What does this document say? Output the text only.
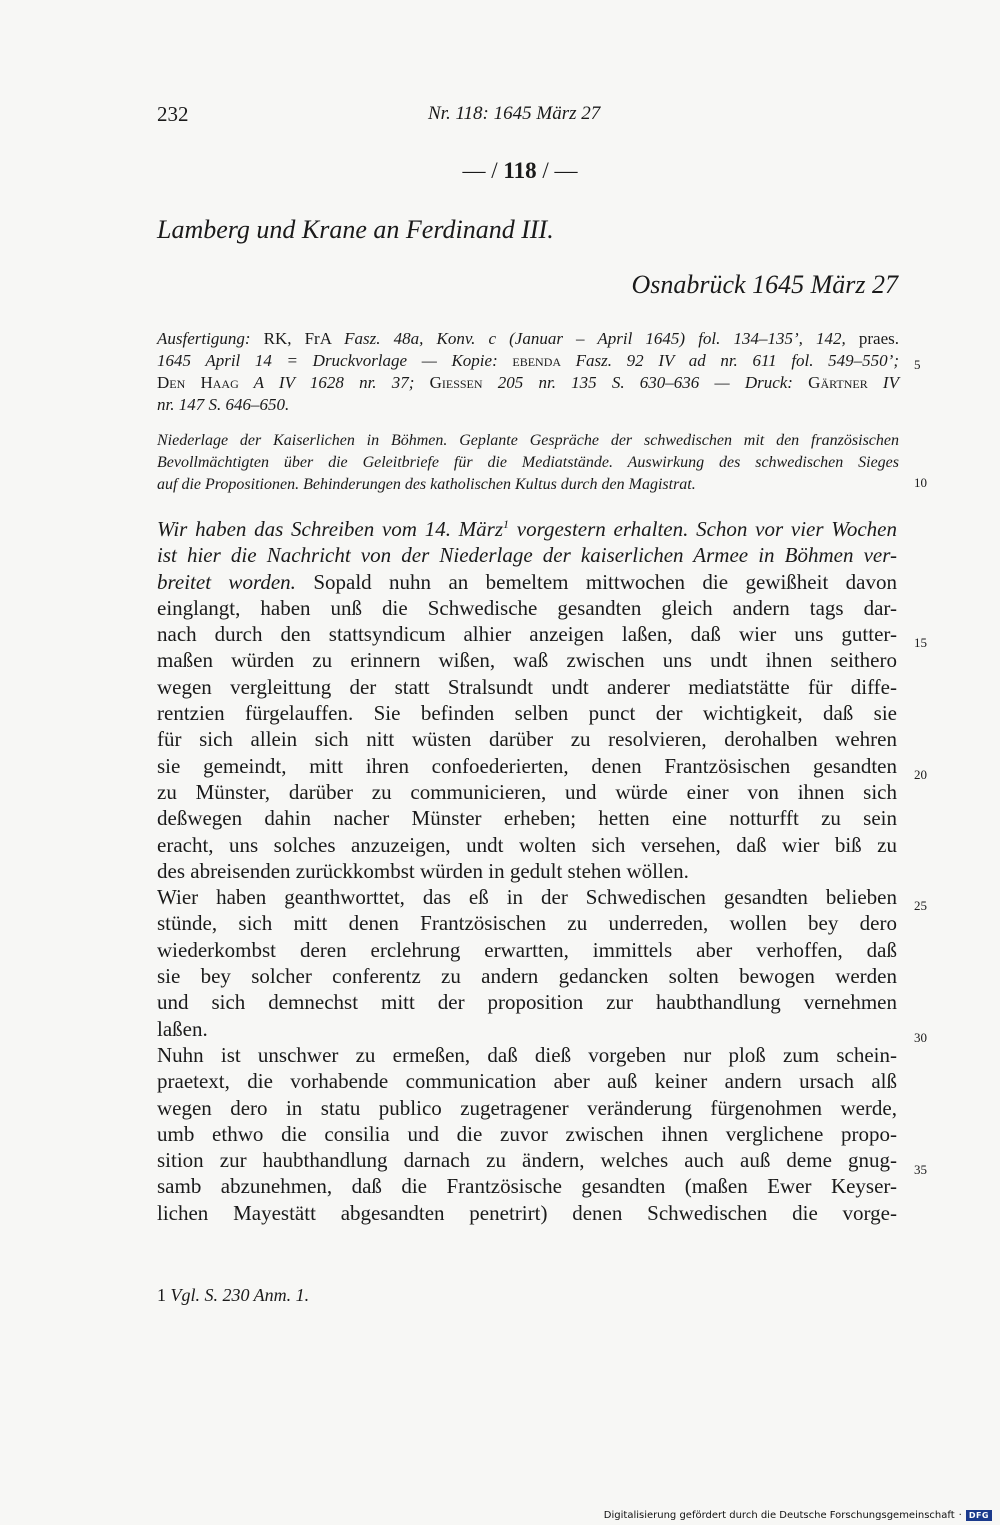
232	Nr. 118: 1645 März 27
— / 118 / —
Lamberg und Krane an Ferdinand III.
Osnabrück 1645 März 27
Ausfertigung: RK, FrA Fasz. 48a, Konv. c (Januar – April 1645) fol. 134–135’, 142, praes.
1645 April 14 = Druckvorlage — Kopie: ebenda Fasz. 92 IV ad nr. 611 fol. 549–550’;
Den Haag A IV 1628 nr. 37; Giessen 205 nr. 135 S. 630–636 — Druck: Gärtner IV
nr. 147 S. 646–650.
Niederlage der Kaiserlichen in Böhmen. Geplante Gespräche der schwedischen mit den französischen
Bevollmächtigten über die Geleitbriefe für die Mediatstände. Auswirkung des schwedischen Sieges
auf die Propositionen. Behinderungen des katholischen Kultus durch den Magistrat.
Wir haben das Schreiben vom 14. März$^1$ vorgestern erhalten. Schon vor vier Wochen
ist hier die Nachricht von der Niederlage der kaiserlichen Armee in Böhmen ver-
breitet worden. Sopald nuhn an bemeltem mittwochen die gewißheit davon
einglangt, haben unß die Schwedische gesandten gleich andern tags dar-
nach durch den stattsyndicum alhier anzeigen laßen, daß wier uns gutter-
maßen würden zu erinnern wißen, waß zwischen uns undt ihnen seithero
wegen vergleittung der statt Stralsundt undt anderer mediatstätte für diffe-
rentzien fürgelauffen. Sie befinden selben punct der wichtigkeit, daß sie
für sich allein sich nitt wüsten darüber zu resolvieren, derohalben wehren
sie gemeindt, mitt ihren confoederierten, denen Frantzösischen gesandten
zu Münster, darüber zu communicieren, und würde einer von ihnen sich
deßwegen dahin nacher Münster erheben; hetten eine notturfft zu sein
eracht, uns solches anzuzeigen, undt wolten sich versehen, daß wier biß zu
des abreisenden zurückkombst würden in gedult stehen wöllen.
Wier haben geanthworttet, das eß in der Schwedischen gesandten belieben
stünde, sich mitt denen Frantzösischen zu underreden, wollen bey dero
wiederkombst deren erclehrung erwartten, immittels aber verhoffen, daß
sie bey solcher conferentz zu andern gedancken solten bewogen werden
und sich demnechst mitt der proposition zur haubthandlung vernehmen
laßen.
Nuhn ist unschwer zu ermeßen, daß dieß vorgeben nur ploß zum schein-
praetext, die vorhabende communication aber auß keiner andern ursach alß
wegen dero in statu publico zugetragener veränderung fürgenohmen werde,
umb ethwo die consilia und die zuvor zwischen ihnen verglichene propo-
sition zur haubthandlung darnach zu ändern, welches auch auß deme gnug-
samb abzunehmen, daß die Frantzösische gesandten (maßen Ewer Keyser-
lichen Mayestätt abgesandten penetrirt) denen Schwedischen die vorge-
5
10
15
20
25
30
35
1 Vgl. S. 230 Anm. 1.
Digitalisierung gefördert durch die Deutsche Forschungsgemeinschaft · DFG
